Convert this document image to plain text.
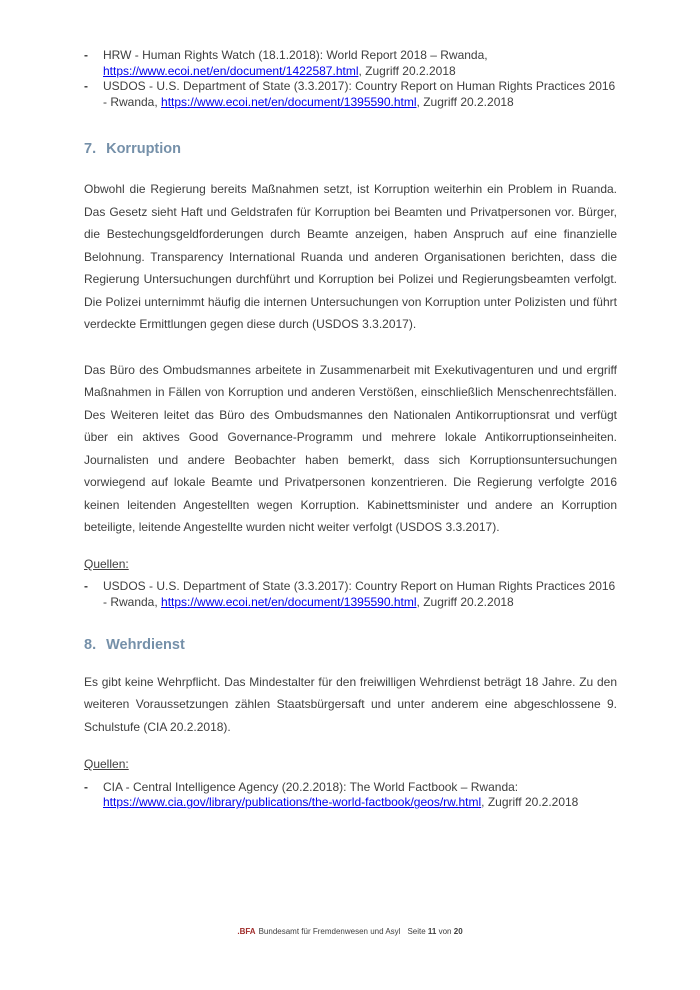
-	HRW - Human Rights Watch (18.1.2018): World Report 2018 – Rwanda, https://www.ecoi.net/en/document/1422587.html, Zugriff 20.2.2018
-	USDOS - U.S. Department of State (3.3.2017): Country Report on Human Rights Practices 2016 - Rwanda, https://www.ecoi.net/en/document/1395590.html, Zugriff 20.2.2018
7. Korruption

Obwohl die Regierung bereits Maßnahmen setzt, ist Korruption weiterhin ein Problem in Ruanda. Das Gesetz sieht Haft und Geldstrafen für Korruption bei Beamten und Privatpersonen vor. Bürger, die Bestechungsgeldforderungen durch Beamte anzeigen, haben Anspruch auf eine finanzielle Belohnung. Transparency International Ruanda und anderen Organisationen berichten, dass die Regierung Untersuchungen durchführt und Korruption bei Polizei und Regierungsbeamten verfolgt. Die Polizei unternimmt häufig die internen Untersuchungen von Korruption unter Polizisten und führt verdeckte Ermittlungen gegen diese durch (USDOS 3.3.2017).

Das Büro des Ombudsmannes arbeitete in Zusammenarbeit mit Exekutivagenturen und und ergriff Maßnahmen in Fällen von Korruption und anderen Verstößen, einschließlich Menschenrechtsfällen. Des Weiteren leitet das Büro des Ombudsmannes den Nationalen Antikorruptionsrat und verfügt über ein aktives Good Governance-Programm und mehrere lokale Antikorruptionseinheiten. Journalisten und andere Beobachter haben bemerkt, dass sich Korruptionsuntersuchungen vorwiegend auf lokale Beamte und Privatpersonen konzentrieren. Die Regierung verfolgte 2016 keinen leitenden Angestellten wegen Korruption. Kabinettsminister und andere an Korruption beteiligte, leitende Angestellte wurden nicht weiter verfolgt (USDOS 3.3.2017).

Quellen:
-	USDOS - U.S. Department of State (3.3.2017): Country Report on Human Rights Practices 2016 - Rwanda, https://www.ecoi.net/en/document/1395590.html, Zugriff 20.2.2018
8. Wehrdienst

Es gibt keine Wehrpflicht. Das Mindestalter für den freiwilligen Wehrdienst beträgt 18 Jahre. Zu den weiteren Voraussetzungen zählen Staatsbürgersaft und unter anderem eine abgeschlossene 9. Schulstufe (CIA 20.2.2018).

Quellen:
-	CIA - Central Intelligence Agency (20.2.2018): The World Factbook – Rwanda: https://www.cia.gov/library/publications/the-world-factbook/geos/rw.html, Zugriff 20.2.2018
.BFA Bundesamt für Fremdenwesen und Asyl Seite 11 von 20
